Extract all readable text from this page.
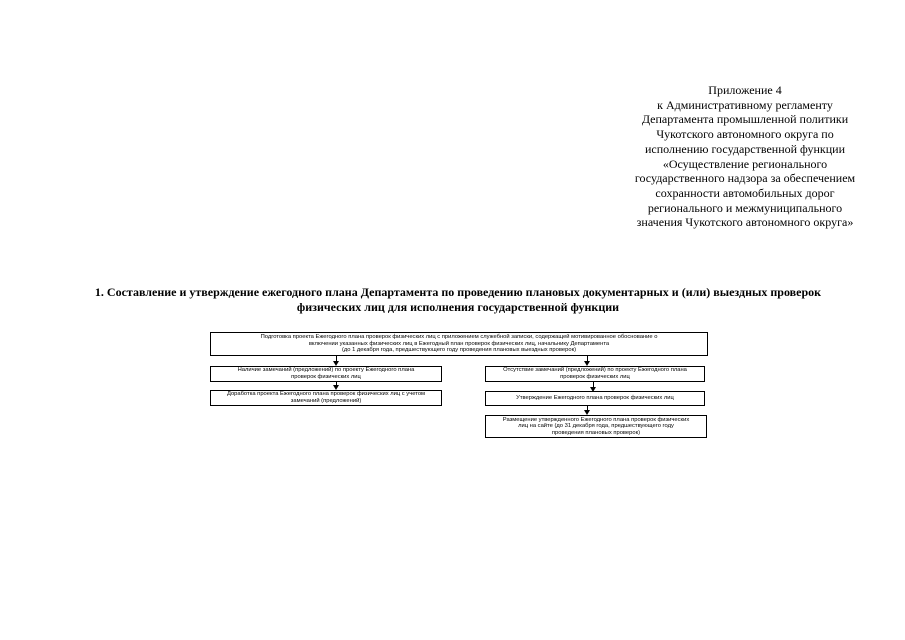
Приложение 4
к Административному регламенту
Департамента промышленной политики
Чукотского автономного округа по
исполнению государственной функции
«Осуществление регионального
государственного надзора за обеспечением
сохранности автомобильных дорог
регионального и межмуниципального
значения Чукотского автономного округа»
1. Составление и утверждение ежегодного плана Департамента по проведению плановых документарных и (или) выездных проверок
физических лиц для исполнения государственной функции
Подготовка проекта Ежегодного плана проверок физических лиц с приложением служебной записки, содержащей мотивированное обоснование о
включении указанных физических лиц в Ежегодный план проверок физических лиц, начальнику Департамента
(до 1 декабря года, предшествующего году проведения плановых выездных проверок)
Наличие замечаний (предложений) по проекту Ежегодного плана
проверок физических лиц
Отсутствие замечаний (предложений) по проекту Ежегодного плана
проверок физических лиц
Доработка проекта Ежегодного плана проверок физических лиц с учетом
замечаний (предложений)	Утверждение Ежегодного плана проверок физических лиц
Размещение утвержденного Ежегодного плана проверок физических
лиц на сайте (до 31 декабря года, предшествующего году
проведения плановых проверок)
